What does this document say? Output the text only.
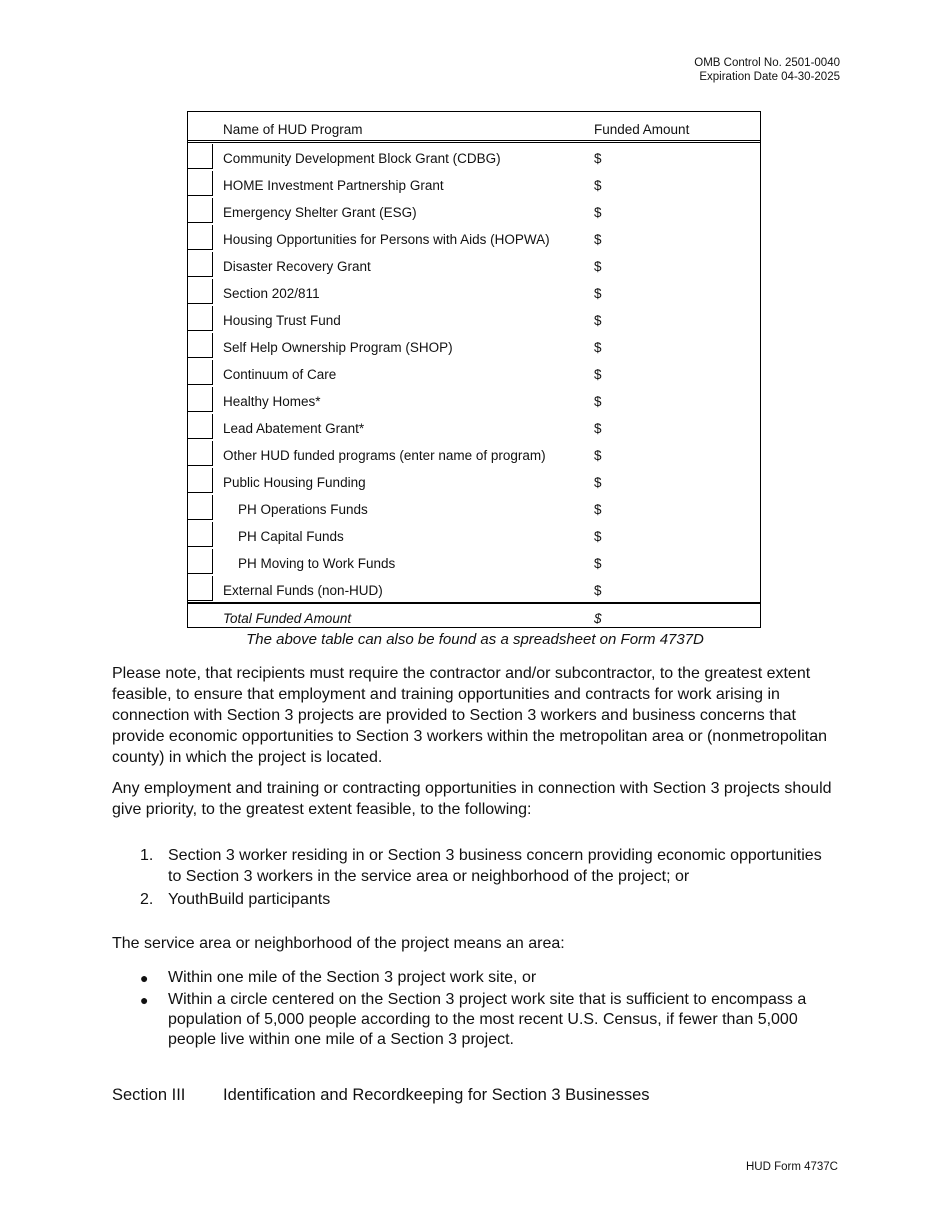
OMB Control No. 2501-0040
Expiration Date 04-30-2025
Name of HUD Program	Funded Amount
Community Development Block Grant (CDBG)	$
HOME Investment Partnership Grant	$
Emergency Shelter Grant (ESG)	$
Housing Opportunities for Persons with Aids (HOPWA)	$
Disaster Recovery Grant	$
Section 202/811	$
Housing Trust Fund	$
Self Help Ownership Program (SHOP)	$
Continuum of Care	$
Healthy Homes*	$
Lead Abatement Grant*	$
Other HUD funded programs (enter name of program)	$
Public Housing Funding	$
PH Operations Funds	$
PH Capital Funds	$
PH Moving to Work Funds	$
External Funds (non-HUD)	$
Total Funded Amount	$
The above table can also be found as a spreadsheet on Form 4737D

Please note, that recipients must require the contractor and/or subcontractor, to the greatest extent feasible, to ensure that employment and training opportunities and contracts for work arising in connection with Section 3 projects are provided to Section 3 workers and business concerns that provide economic opportunities to Section 3 workers within the metropolitan area or (nonmetropolitan county) in which the project is located.

Any employment and training or contracting opportunities in connection with Section 3 projects should give priority, to the greatest extent feasible, to the following:

1. Section 3 worker residing in or Section 3 business concern providing economic opportunities to Section 3 workers in the service area or neighborhood of the project; or
2. YouthBuild participants

The service area or neighborhood of the project means an area:

● Within one mile of the Section 3 project work site, or
● Within a circle centered on the Section 3 project work site that is sufficient to encompass a population of 5,000 people according to the most recent U.S. Census, if fewer than 5,000 people live within one mile of a Section 3 project.
Section III Identification and Recordkeeping for Section 3 Businesses
HUD Form 4737C
